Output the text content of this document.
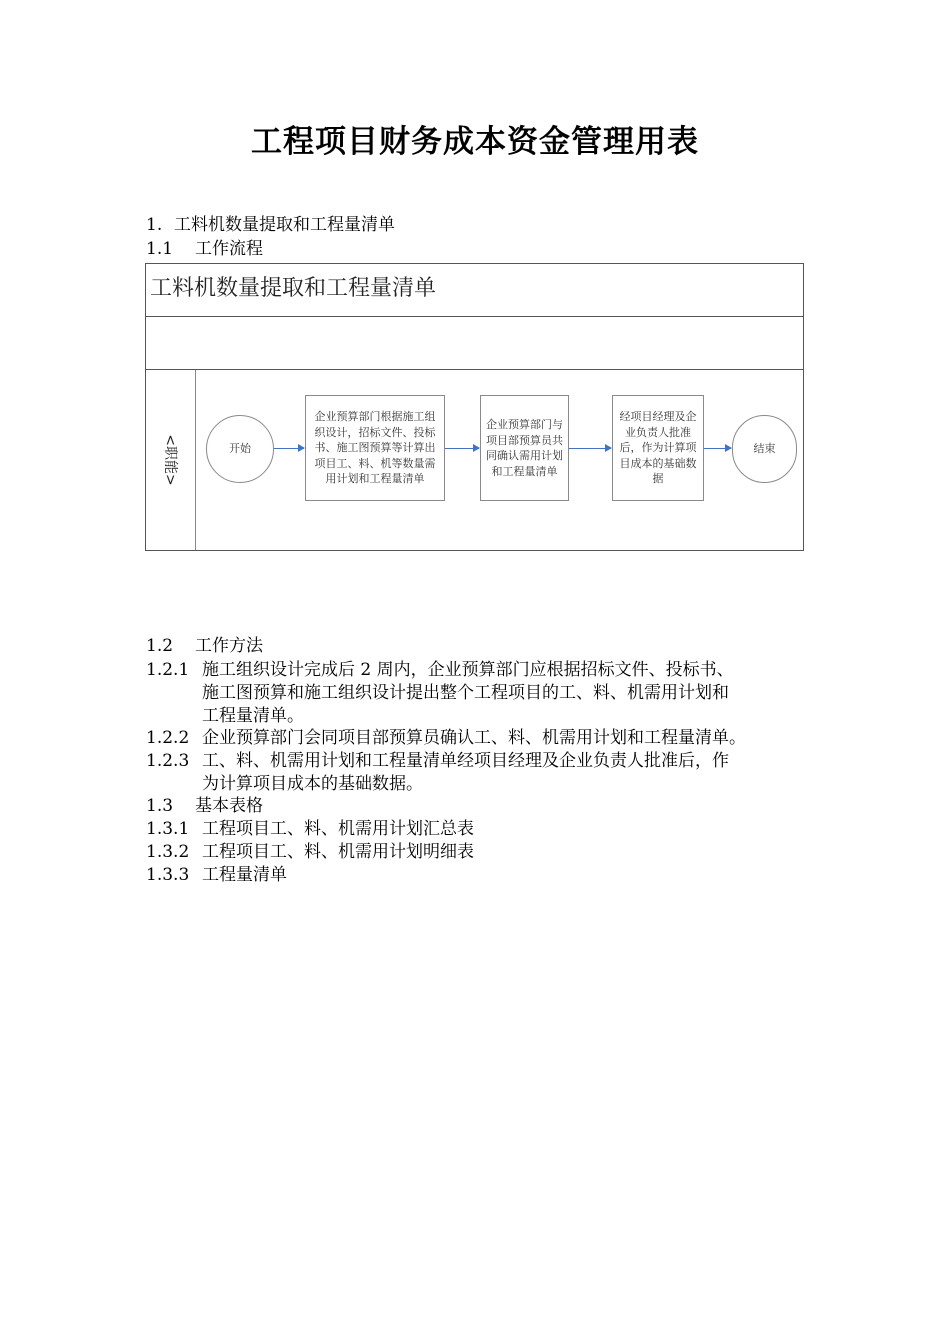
工程项目财务成本资金管理用表
1. 工料机数量提取和工程量清单
1.1 工作流程
工料机数量提取和工程量清单
<职能>	开始
企业预算部门根据施工组织设计，招标文件、投标书、施工图预算等计算出项目工、料、机等数量需用计划和工程量清单
企业预算部门与项目部预算员共同确认需用计划和工程量清单
经项目经理及企业负责人批准后，作为计算项目成本的基础数据
结束
1.2 工作方法
1.2.1 施工组织设计完成后 2 周内，企业预算部门应根据招标文件、投标书、
施工图预算和施工组织设计提出整个工程项目的工、料、机需用计划和
工程量清单。
1.2.2 企业预算部门会同项目部预算员确认工、料、机需用计划和工程量清单。
1.2.3 工、料、机需用计划和工程量清单经项目经理及企业负责人批准后，作
为计算项目成本的基础数据。
1.3 基本表格
1.3.1 工程项目工、料、机需用计划汇总表
1.3.2 工程项目工、料、机需用计划明细表
1.3.3 工程量清单
